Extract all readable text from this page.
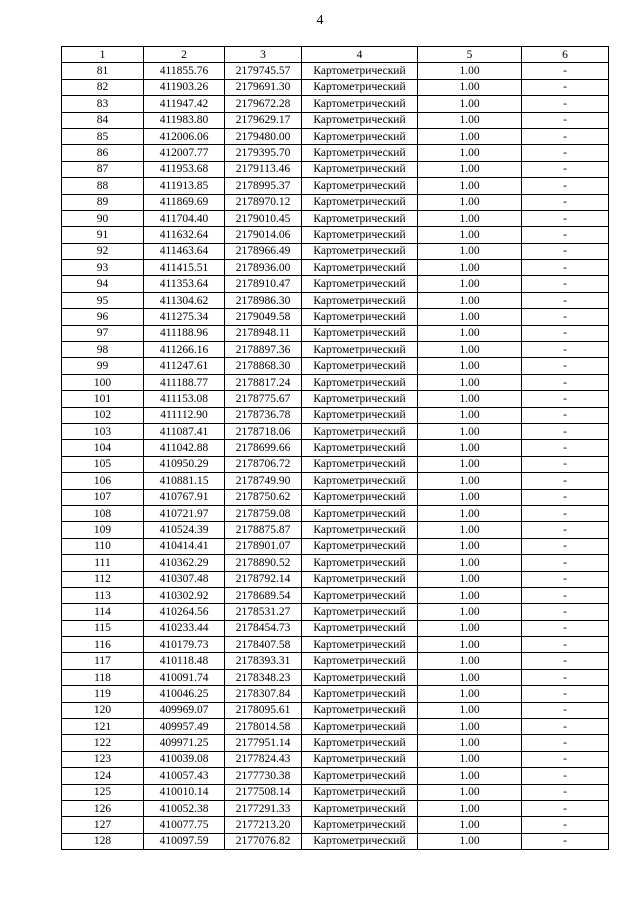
4
1	2	3	4	5	6
81	411855.76	2179745.57	Картометрический	1.00	-
82	411903.26	2179691.30	Картометрический	1.00	-
83	411947.42	2179672.28	Картометрический	1.00	-
84	411983.80	2179629.17	Картометрический	1.00	-
85	412006.06	2179480.00	Картометрический	1.00	-
86	412007.77	2179395.70	Картометрический	1.00	-
87	411953.68	2179113.46	Картометрический	1.00	-
88	411913.85	2178995.37	Картометрический	1.00	-
89	411869.69	2178970.12	Картометрический	1.00	-
90	411704.40	2179010.45	Картометрический	1.00	-
91	411632.64	2179014.06	Картометрический	1.00	-
92	411463.64	2178966.49	Картометрический	1.00	-
93	411415.51	2178936.00	Картометрический	1.00	-
94	411353.64	2178910.47	Картометрический	1.00	-
95	411304.62	2178986.30	Картометрический	1.00	-
96	411275.34	2179049.58	Картометрический	1.00	-
97	411188.96	2178948.11	Картометрический	1.00	-
98	411266.16	2178897.36	Картометрический	1.00	-
99	411247.61	2178868.30	Картометрический	1.00	-
100	411188.77	2178817.24	Картометрический	1.00	-
101	411153.08	2178775.67	Картометрический	1.00	-
102	411112.90	2178736.78	Картометрический	1.00	-
103	411087.41	2178718.06	Картометрический	1.00	-
104	411042.88	2178699.66	Картометрический	1.00	-
105	410950.29	2178706.72	Картометрический	1.00	-
106	410881.15	2178749.90	Картометрический	1.00	-
107	410767.91	2178750.62	Картометрический	1.00	-
108	410721.97	2178759.08	Картометрический	1.00	-
109	410524.39	2178875.87	Картометрический	1.00	-
110	410414.41	2178901.07	Картометрический	1.00	-
111	410362.29	2178890.52	Картометрический	1.00	-
112	410307.48	2178792.14	Картометрический	1.00	-
113	410302.92	2178689.54	Картометрический	1.00	-
114	410264.56	2178531.27	Картометрический	1.00	-
115	410233.44	2178454.73	Картометрический	1.00	-
116	410179.73	2178407.58	Картометрический	1.00	-
117	410118.48	2178393.31	Картометрический	1.00	-
118	410091.74	2178348.23	Картометрический	1.00	-
119	410046.25	2178307.84	Картометрический	1.00	-
120	409969.07	2178095.61	Картометрический	1.00	-
121	409957.49	2178014.58	Картометрический	1.00	-
122	409971.25	2177951.14	Картометрический	1.00	-
123	410039.08	2177824.43	Картометрический	1.00	-
124	410057.43	2177730.38	Картометрический	1.00	-
125	410010.14	2177508.14	Картометрический	1.00	-
126	410052.38	2177291.33	Картометрический	1.00	-
127	410077.75	2177213.20	Картометрический	1.00	-
128	410097.59	2177076.82	Картометрический	1.00	-
